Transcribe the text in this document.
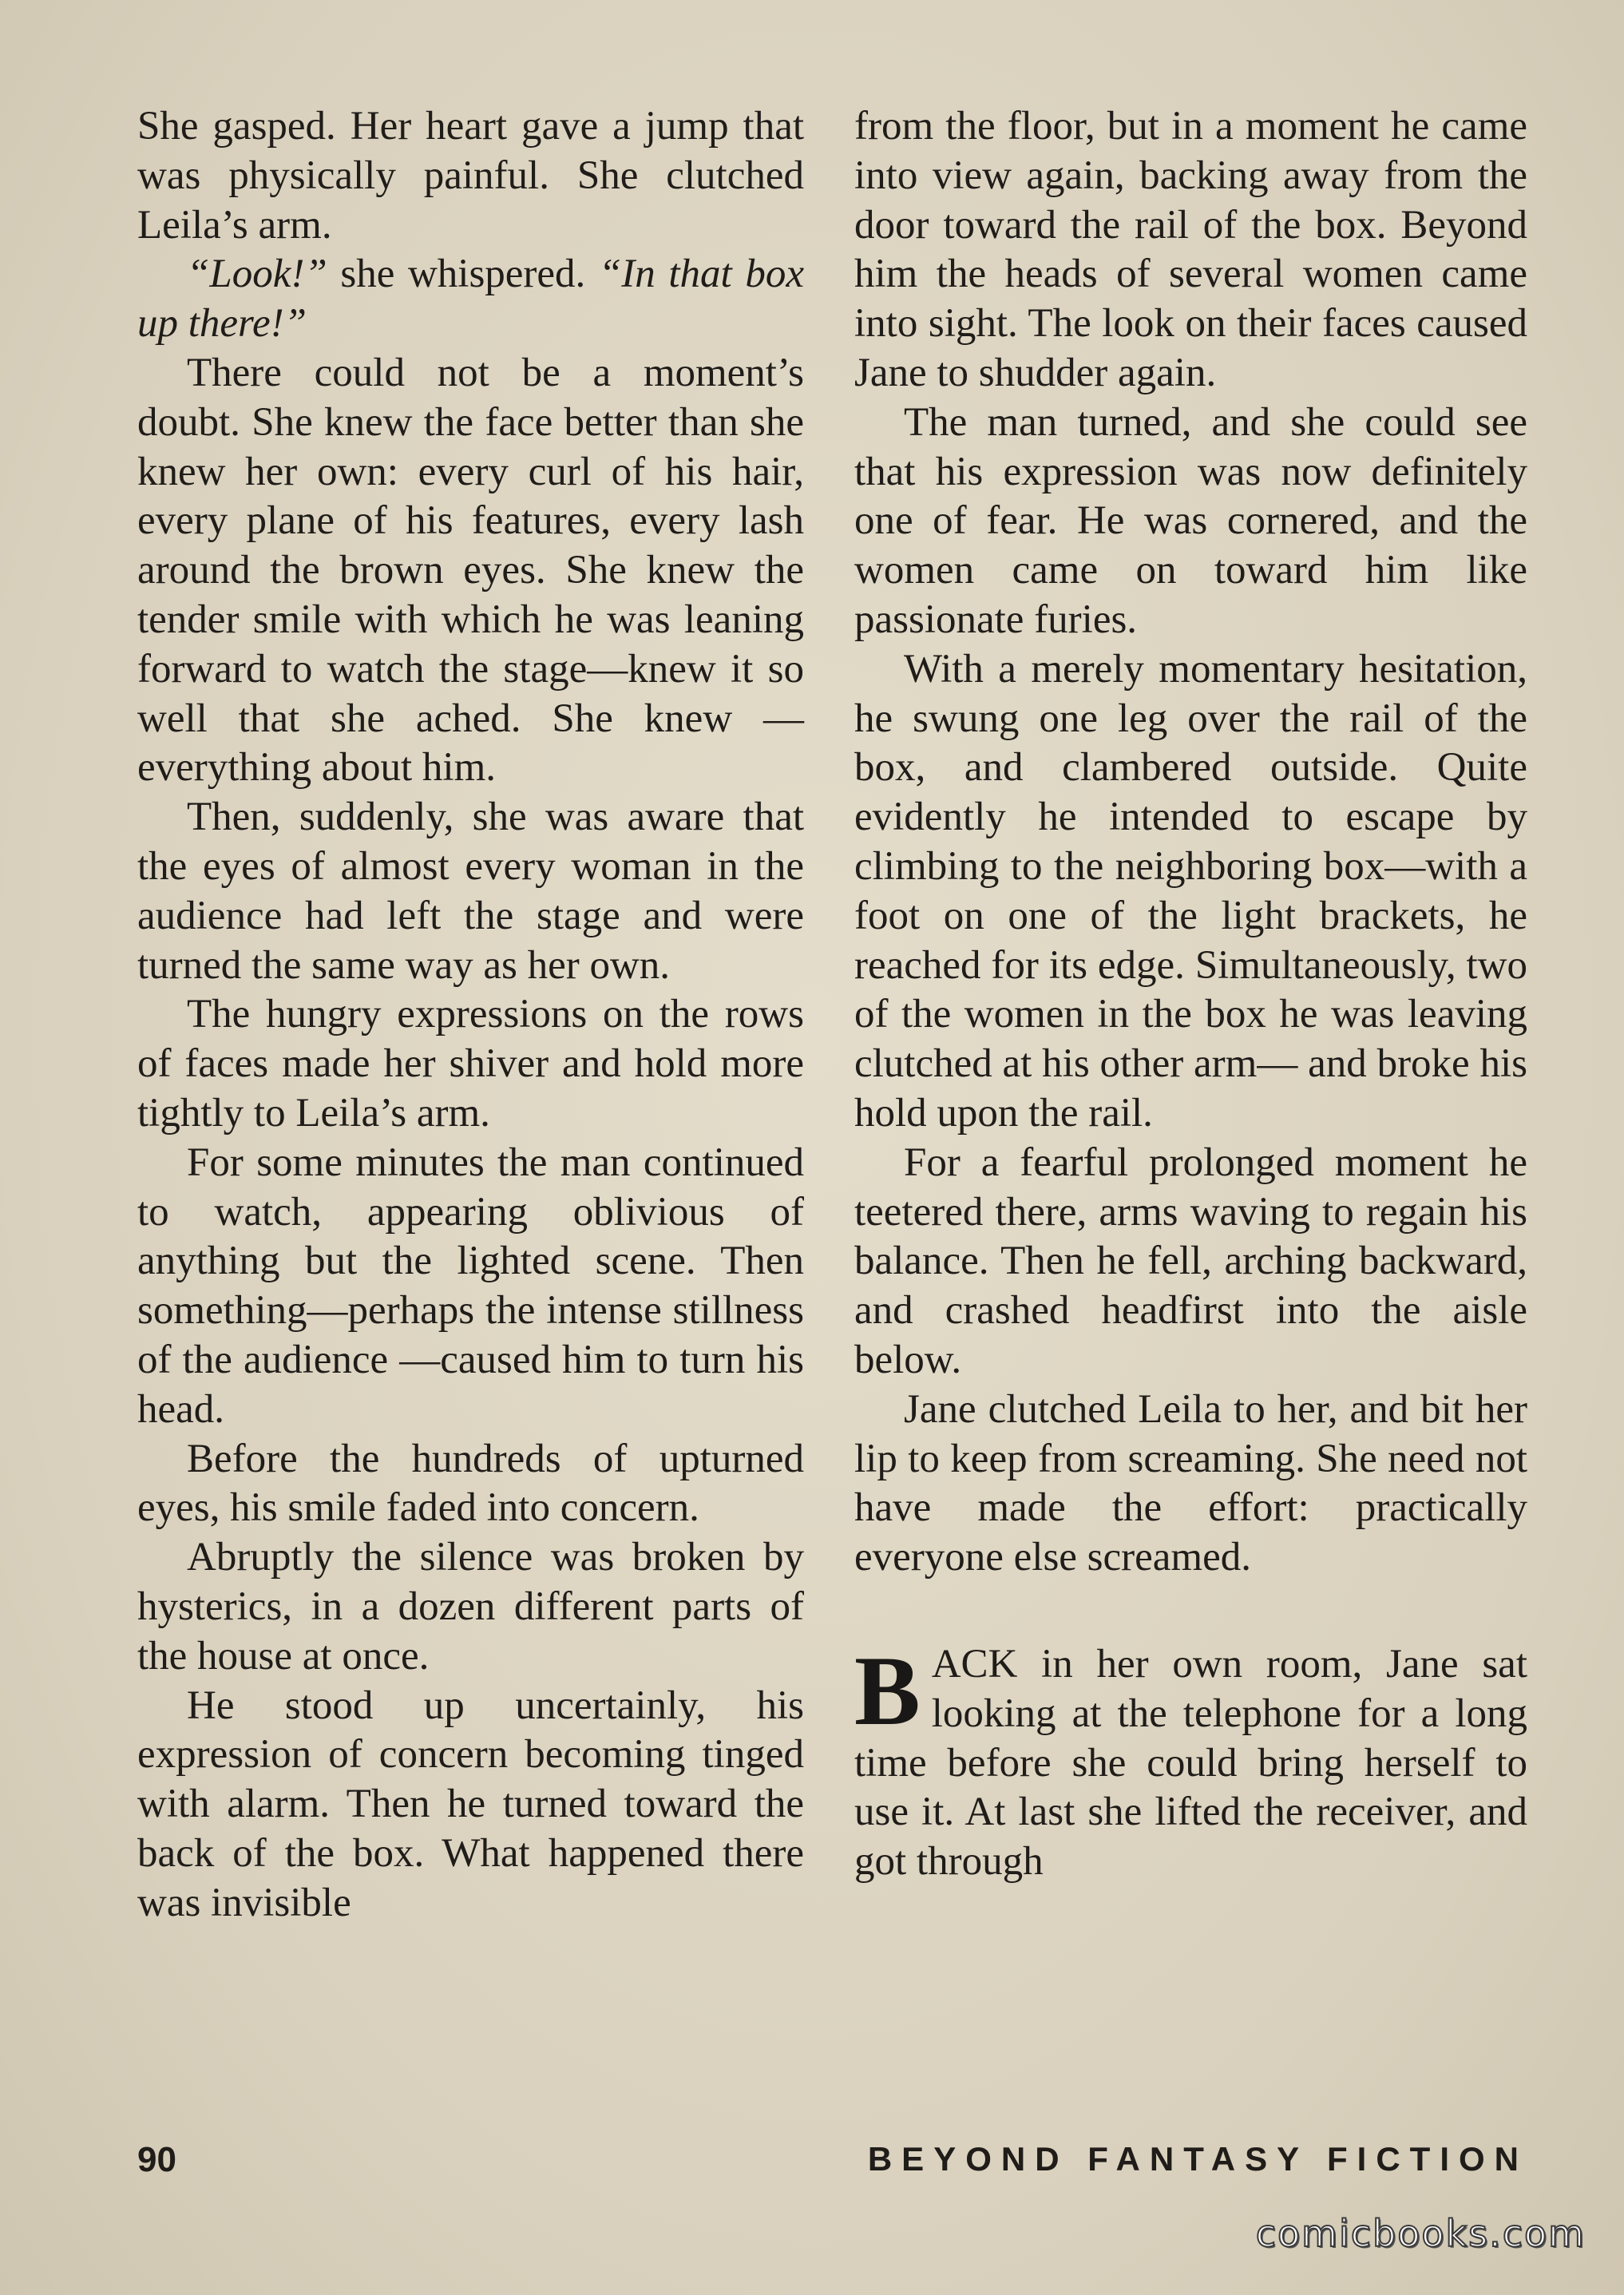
She gasped. Her heart gave a jump that was physically painful. She clutched Leila’s arm.

“Look!” she whispered. “In that box up there!”

There could not be a moment’s doubt. She knew the face better than she knew her own: every curl of his hair, every plane of his features, every lash around the brown eyes. She knew the tender smile with which he was leaning forward to watch the stage—knew it so well that she ached. She knew —everything about him.

Then, suddenly, she was aware that the eyes of almost every woman in the audience had left the stage and were turned the same way as her own.

The hungry expressions on the rows of faces made her shiver and hold more tightly to Leila’s arm.

For some minutes the man continued to watch, appearing oblivious of anything but the lighted scene. Then something—perhaps the intense stillness of the audience —caused him to turn his head.

Before the hundreds of upturned eyes, his smile faded into concern.

Abruptly the silence was broken by hysterics, in a dozen different parts of the house at once.

He stood up uncertainly, his expression of concern becoming tinged with alarm. Then he turned toward the back of the box. What happened there was invisible

from the floor, but in a moment he came into view again, backing away from the door toward the rail of the box. Beyond him the heads of several women came into sight. The look on their faces caused Jane to shudder again.

The man turned, and she could see that his expression was now definitely one of fear. He was cornered, and the women came on toward him like passionate furies.

With a merely momentary hesitation, he swung one leg over the rail of the box, and clambered outside. Quite evidently he intended to escape by climbing to the neighboring box—with a foot on one of the light brackets, he reached for its edge. Simultaneously, two of the women in the box he was leaving clutched at his other arm— and broke his hold upon the rail.

For a fearful prolonged moment he teetered there, arms waving to regain his balance. Then he fell, arching backward, and crashed headfirst into the aisle below.

Jane clutched Leila to her, and bit her lip to keep from screaming. She need not have made the effort: practically everyone else screamed.

BACK in her own room, Jane sat looking at the telephone for a long time before she could bring herself to use it. At last she lifted the receiver, and got through

90	BEYOND FANTASY FICTION
comicbooks.com
